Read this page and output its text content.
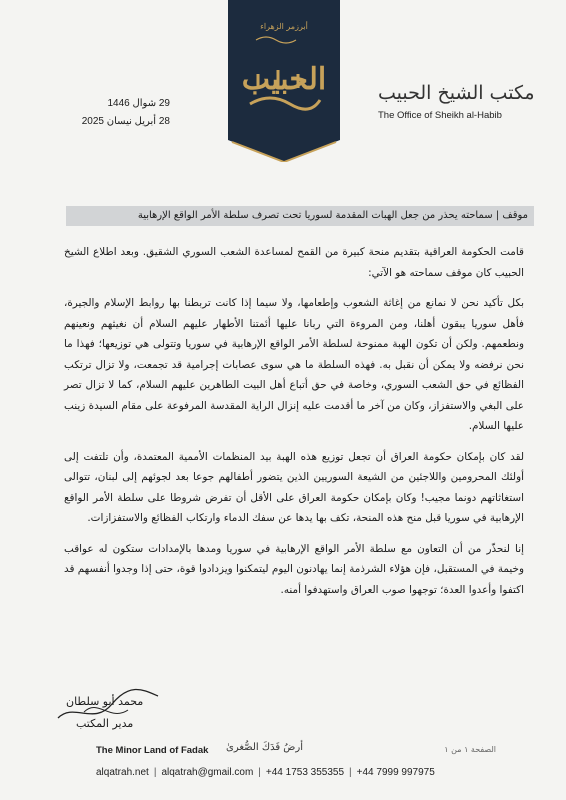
أبرزمر الزهراء
الحبيب
29 شوال 1446
28 أبريل نيسان 2025
مكتب الشيخ الحبيب
The Office of Sheikh al-Habib
موقف | سماحته يحذر من جعل الهبات المقدمة لسوريا تحت تصرف سلطة الأمر الواقع الإرهابية

قامت الحكومة العراقية بتقديم منحة كبيرة من القمح لمساعدة الشعب السوري الشقيق. وبعد اطلاع الشيخ الحبيب كان موقف سماحته هو الآتي:

بكل تأكيد نحن لا نمانع من إغاثة الشعوب وإطعامها، ولا سيما إذا كانت تربطنا بها روابط الإسلام والجيرة، فأهل سوريا يبقون أهلنا، ومن المروءة التي ربانا عليها أئمتنا الأطهار عليهم السلام أن نغيثهم ونعينهم ونطعمهم. ولكن أن تكون الهبة ممنوحة لسلطة الأمر الواقع الإرهابية في سوريا وتتولى هي توزيعها؛ فهذا ما نحن نرفضه ولا يمكن أن نقبل به. فهذه السلطة ما هي سوى عصابات إجرامية قد تجمعت، ولا تزال ترتكب الفظائع في حق الشعب السوري، وخاصة في حق أتباع أهل البيت الطاهرين عليهم السلام، كما لا تزال تصر على البغي والاستفزاز، وكان من آخر ما أقدمت عليه إنزال الراية المقدسة المرفوعة على مقام السيدة زينب عليها السلام.

لقد كان بإمكان حكومة العراق أن تجعل توزيع هذه الهبة بيد المنظمات الأممية المعتمدة، وأن تلتفت إلى أولئك المحرومين واللاجئين من الشيعة السوريين الذين يتضور أطفالهم جوعا بعد لجوئهم إلى لبنان، تتوالى استغاثاتهم دونما مجيب! وكان بإمكان حكومة العراق على الأقل أن تفرض شروطا على سلطة الأمر الواقع الإرهابية في سوريا قبل منح هذه المنحة، تكف بها يدها عن سفك الدماء وارتكاب الفظائع والاستفزازات.

إنا لنحذّر من أن التعاون مع سلطة الأمر الواقع الإرهابية في سوريا ومدها بالإمدادات ستكون له عواقب وخيمة في المستقبل، فإن هؤلاء الشرذمة إنما يهادنون اليوم ليتمكنوا ويزدادوا قوة، حتى إذا وجدوا أنفسهم قد اكتفوا وأعدوا العدة؛ توجهوا صوب العراق واستهدفوا أمنه.

محمد أبو سلطان
مدير المكتب
The Minor Land of Fadak أرضُ فَدَكَ الصُّغرىٰ	الصفحة ١ من ١
alqatrah.net | alqatrah@gmail.com | +44 1753 355355 | +44 7999 997975
